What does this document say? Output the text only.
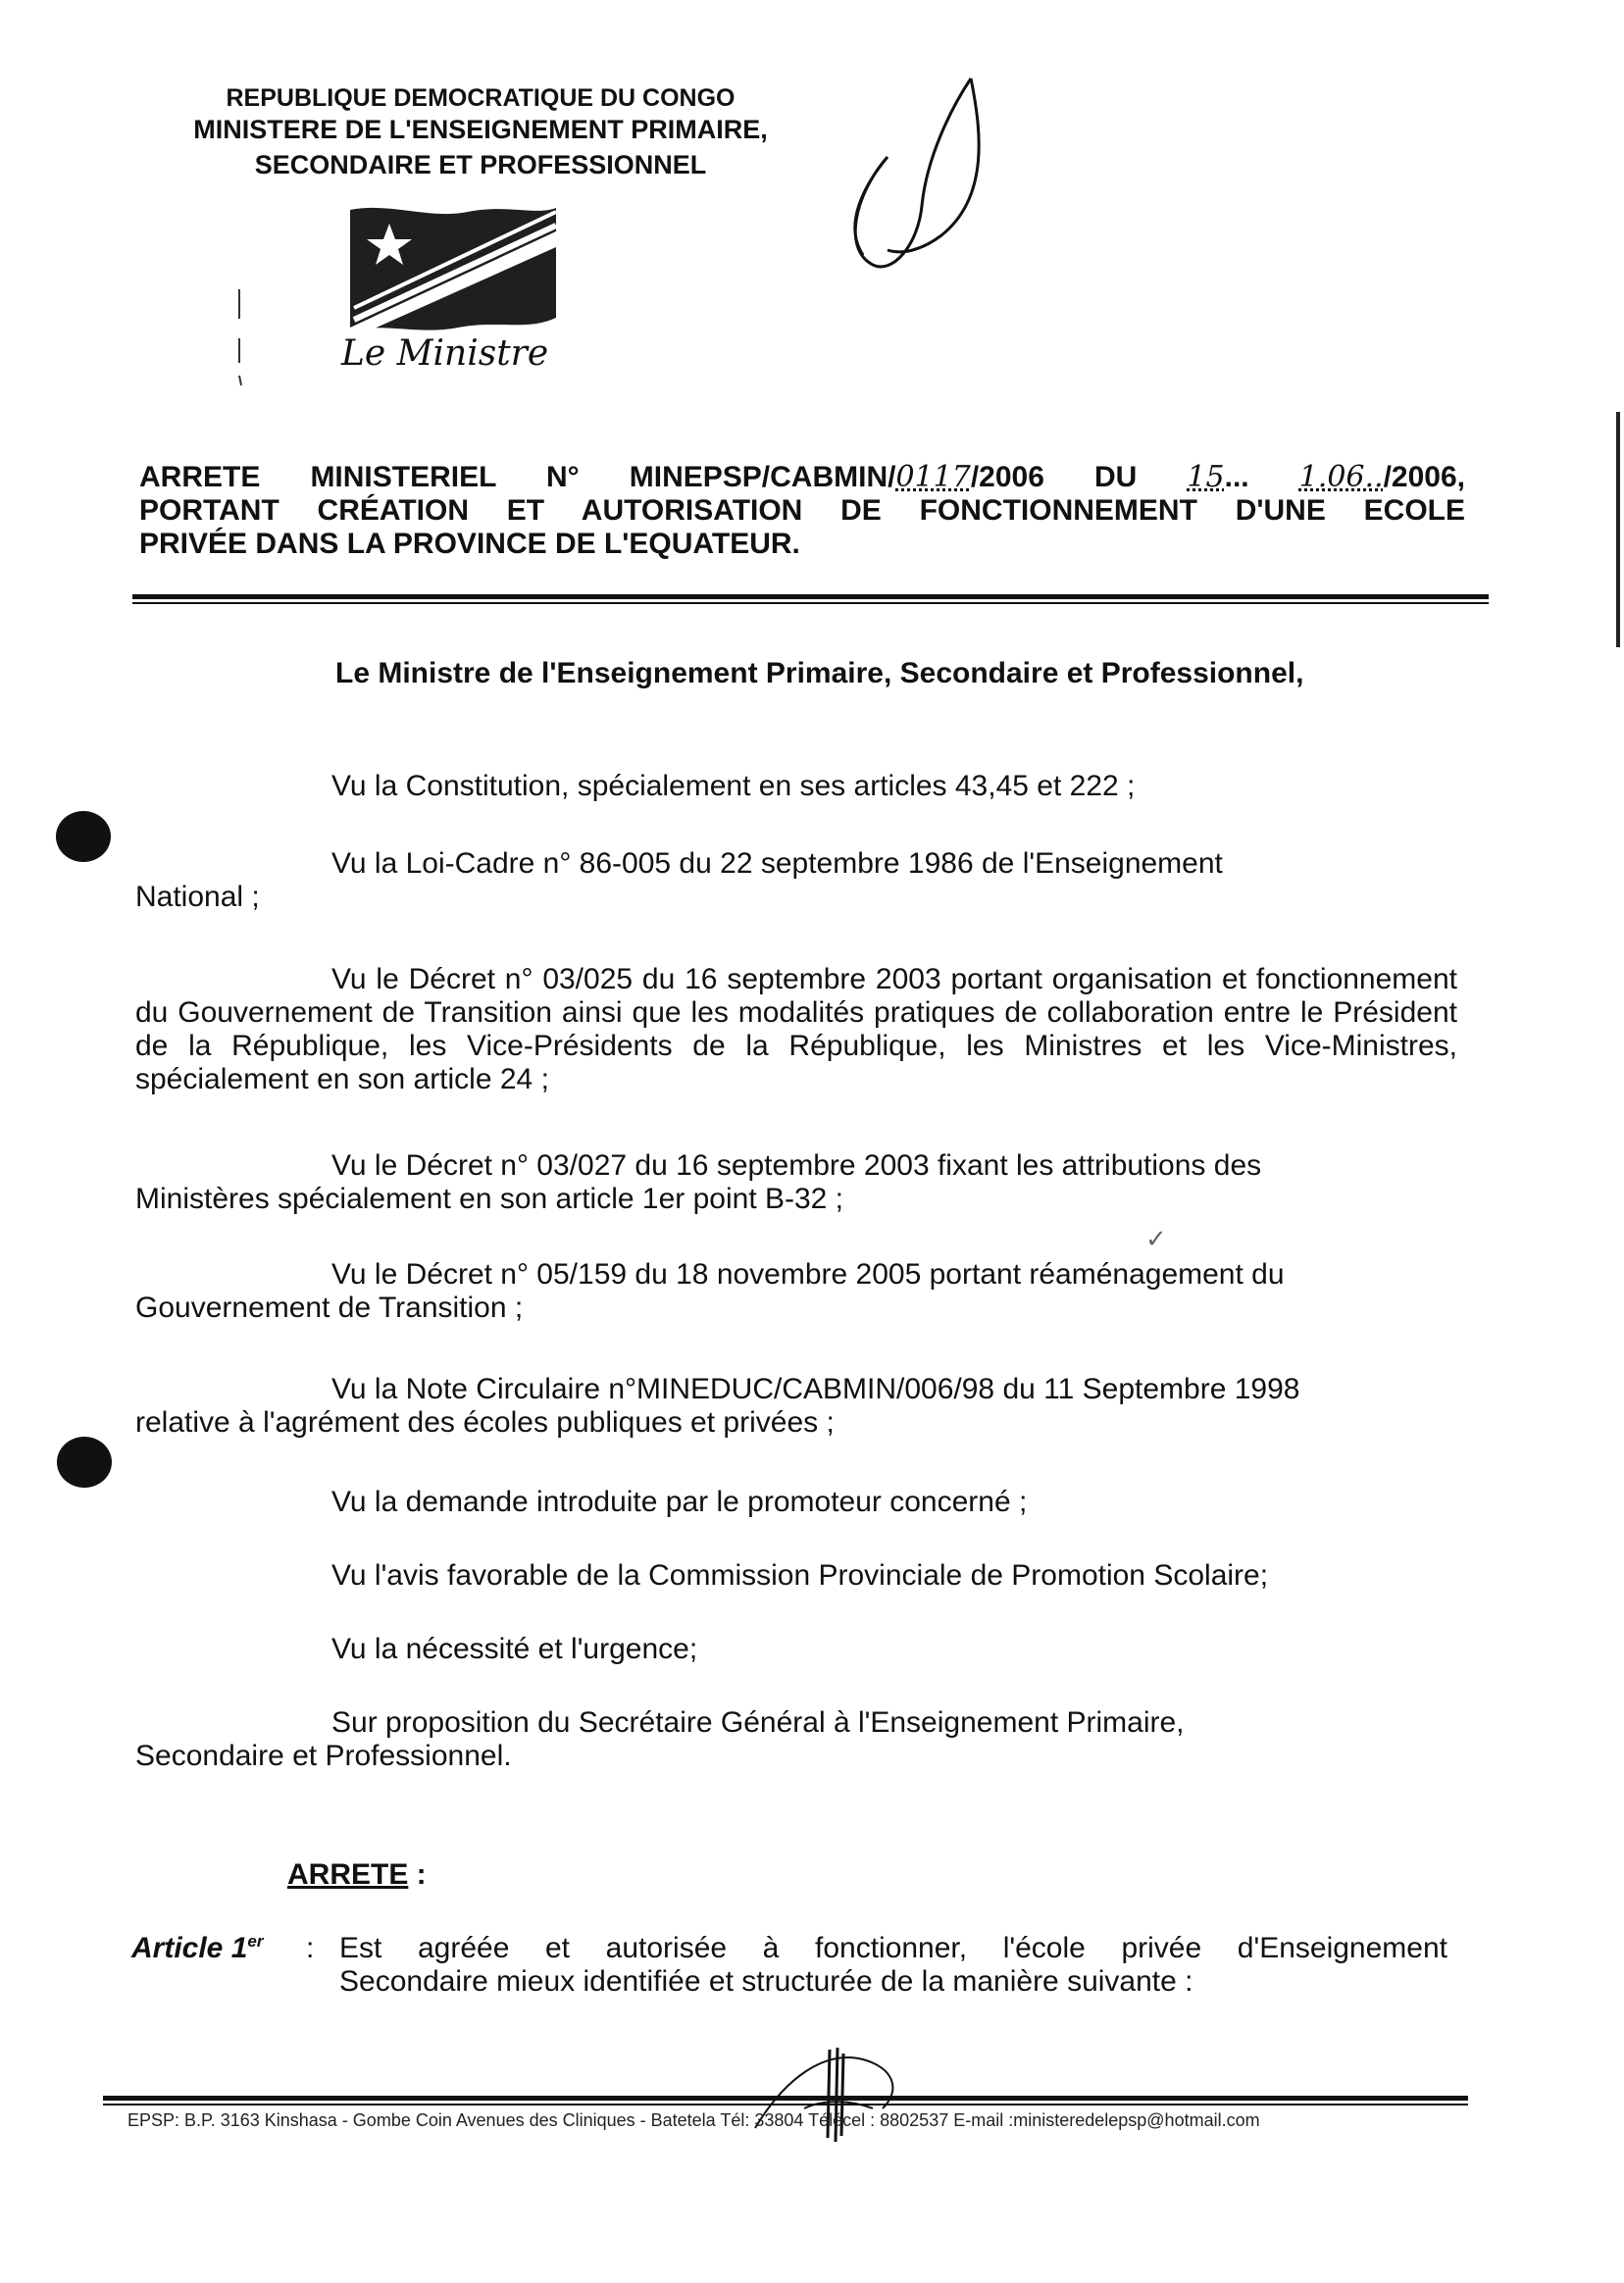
REPUBLIQUE DEMOCRATIQUE DU CONGO
MINISTERE DE L'ENSEIGNEMENT PRIMAIRE,
SECONDAIRE ET PROFESSIONNEL
Le Ministre
ARRETE MINISTERIEL N° MINEPSP/CABMIN/0117/2006 DU 15... 1.06../2006,
PORTANT CRÉATION ET AUTORISATION DE FONCTIONNEMENT D'UNE ECOLE
PRIVÉE DANS LA PROVINCE DE L'EQUATEUR.
Le Ministre de l'Enseignement Primaire, Secondaire et Professionnel,
Vu la Constitution, spécialement en ses articles 43,45 et 222 ;
Vu la Loi-Cadre n° 86-005 du 22 septembre 1986 de l'Enseignement
National ;
Vu le Décret n° 03/025 du 16 septembre 2003 portant organisation et fonctionnement du Gouvernement de Transition ainsi que les modalités pratiques de collaboration entre le Président de la République, les Vice-Présidents de la République, les Ministres et les Vice-Ministres, spécialement en son article 24 ;
Vu le Décret n° 03/027 du 16 septembre 2003 fixant les attributions des
Ministères spécialement en son article 1er point B-32 ;
Vu le Décret n° 05/159 du 18 novembre 2005 portant réaménagement du
Gouvernement de Transition ;
Vu la Note Circulaire n°MINEDUC/CABMIN/006/98 du 11 Septembre 1998
relative à l'agrément des écoles publiques et privées ;
Vu la demande introduite par le promoteur concerné ;
Vu l'avis favorable de la Commission Provinciale de Promotion Scolaire;
Vu la nécessité et l'urgence;
Sur proposition du Secrétaire Général à l'Enseignement Primaire,
Secondaire et Professionnel.
ARRETE :
Article 1er : Est agréée et autorisée à fonctionner, l'école privée d'Enseignement
Secondaire mieux identifiée et structurée de la manière suivante :
EPSP: B.P. 3163 Kinshasa - Gombe Coin Avenues des Cliniques - Batetela Tél: 33804 Télécel : 8802537 E-mail :ministeredelepsp@hotmail.com
✓
